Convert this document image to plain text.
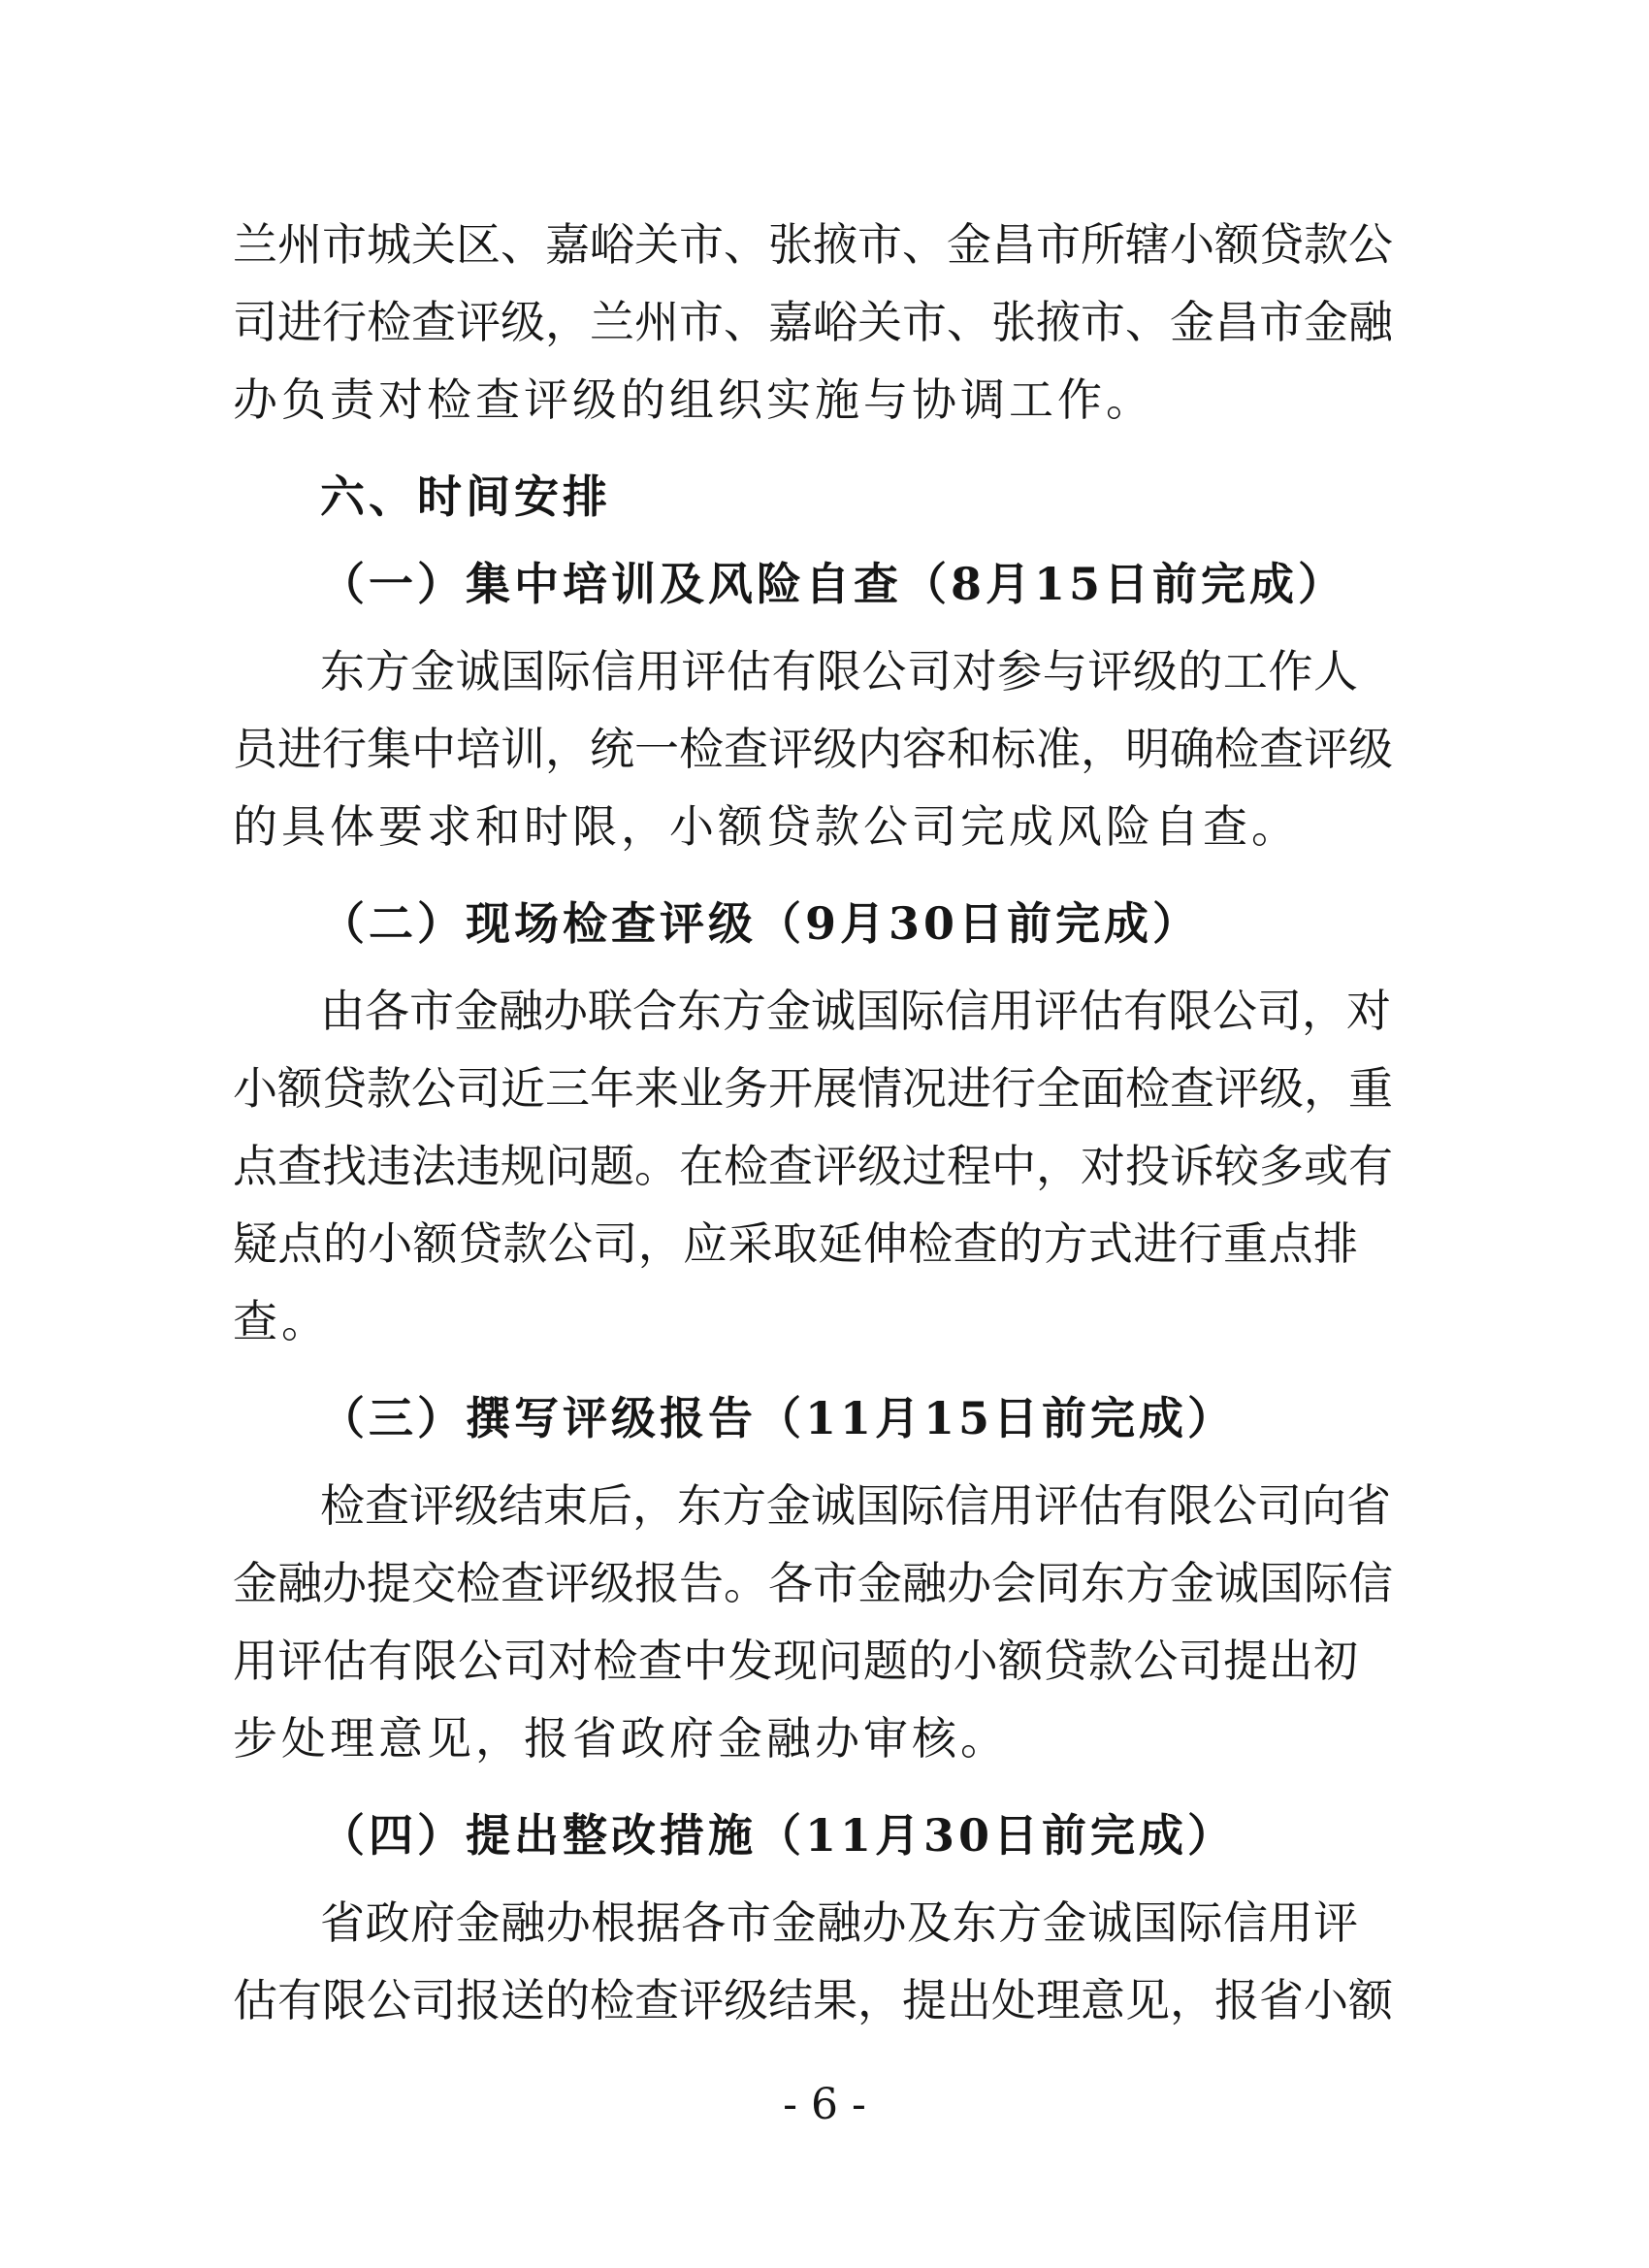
兰州市城关区、嘉峪关市、张掖市、金昌市所辖小额贷款公
司进行检查评级，兰州市、嘉峪关市、张掖市、金昌市金融
办负责对检查评级的组织实施与协调工作。
六、时间安排
（一）集中培训及风险自查（8月15日前完成）
东方金诚国际信用评估有限公司对参与评级的工作人
员进行集中培训，统一检查评级内容和标准，明确检查评级
的具体要求和时限，小额贷款公司完成风险自查。
（二）现场检查评级（9月30日前完成）
由各市金融办联合东方金诚国际信用评估有限公司，对
小额贷款公司近三年来业务开展情况进行全面检查评级，重
点查找违法违规问题。在检查评级过程中，对投诉较多或有
疑点的小额贷款公司，应采取延伸检查的方式进行重点排
查。
（三）撰写评级报告（11月15日前完成）
检查评级结束后，东方金诚国际信用评估有限公司向省
金融办提交检查评级报告。各市金融办会同东方金诚国际信
用评估有限公司对检查中发现问题的小额贷款公司提出初
步处理意见，报省政府金融办审核。
（四）提出整改措施（11月30日前完成）
省政府金融办根据各市金融办及东方金诚国际信用评
估有限公司报送的检查评级结果，提出处理意见，报省小额
- 6 -
